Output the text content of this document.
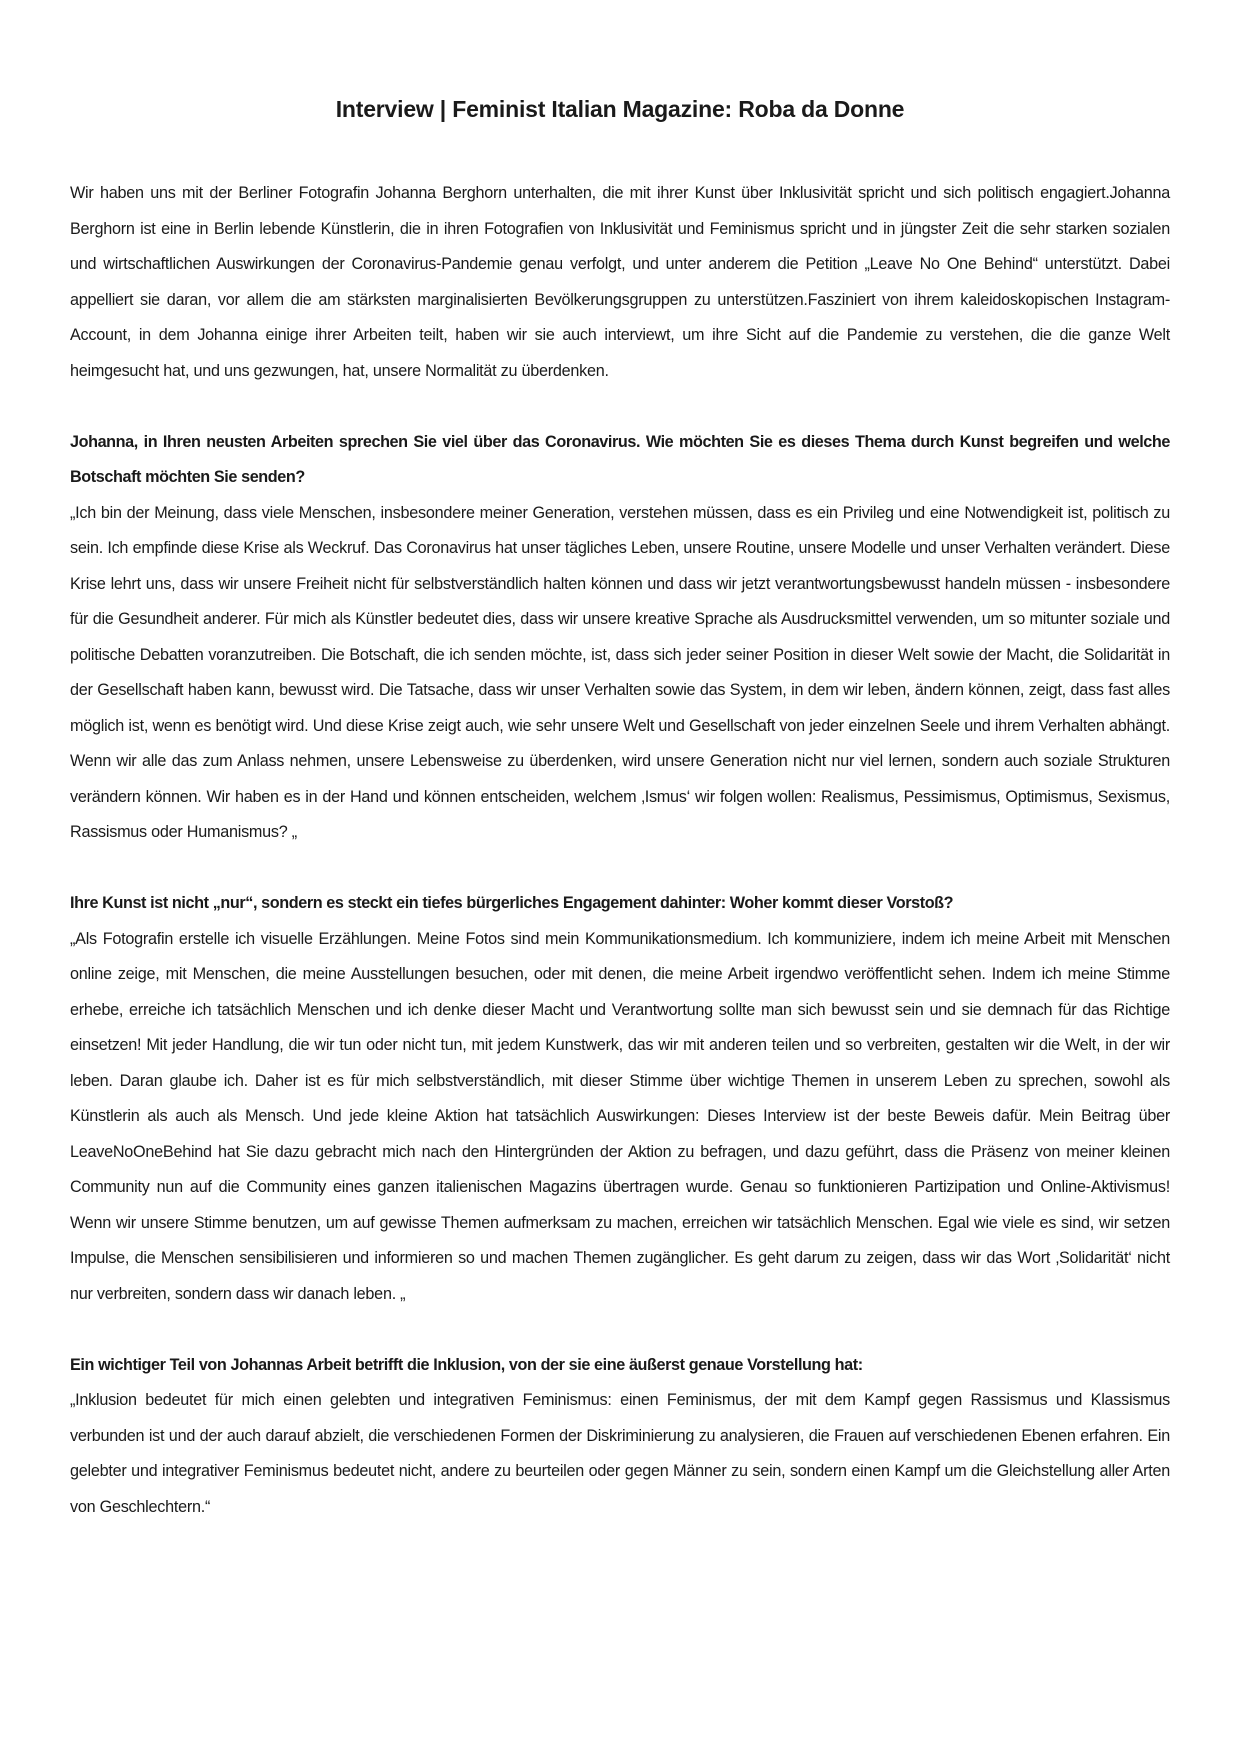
Interview | Feminist Italian Magazine: Roba da Donne

Wir haben uns mit der Berliner Fotografin Johanna Berghorn unterhalten, die mit ihrer Kunst über Inklusivität spricht und sich politisch engagiert.Johanna Berghorn ist eine in Berlin lebende Künstlerin, die in ihren Fotografien von Inklusivität und Feminismus spricht und in jüngster Zeit die sehr starken sozialen und wirtschaftlichen Auswirkungen der Coronavirus-Pandemie genau verfolgt, und unter anderem die Petition „Leave No One Behind“ unterstützt. Dabei appelliert sie daran, vor allem die am stärksten marginalisierten Bevölkerungsgruppen zu unterstützen.Fasziniert von ihrem kaleidoskopischen Instagram-Account, in dem Johanna einige ihrer Arbeiten teilt, haben wir sie auch interviewt, um ihre Sicht auf die Pandemie zu verstehen, die die ganze Welt heimgesucht hat, und uns gezwungen, hat, unsere Normalität zu überdenken.

Johanna, in Ihren neusten Arbeiten sprechen Sie viel über das Coronavirus. Wie möchten Sie es dieses Thema durch Kunst begreifen und welche Botschaft möchten Sie senden?

„Ich bin der Meinung, dass viele Menschen, insbesondere meiner Generation, verstehen müssen, dass es ein Privileg und eine Notwendigkeit ist, politisch zu sein. Ich empfinde diese Krise als Weckruf. Das Coronavirus hat unser tägliches Leben, unsere Routine, unsere Modelle und unser Verhalten verändert. Diese Krise lehrt uns, dass wir unsere Freiheit nicht für selbstverständlich halten können und dass wir jetzt verantwortungsbewusst handeln müssen - insbesondere für die Gesundheit anderer. Für mich als Künstler bedeutet dies, dass wir unsere kreative Sprache als Ausdrucksmittel verwenden, um so mitunter soziale und politische Debatten voranzutreiben. Die Botschaft, die ich senden möchte, ist, dass sich jeder seiner Position in dieser Welt sowie der Macht, die Solidarität in der Gesellschaft haben kann, bewusst wird. Die Tatsache, dass wir unser Verhalten sowie das System, in dem wir leben, ändern können, zeigt, dass fast alles möglich ist, wenn es benötigt wird. Und diese Krise zeigt auch, wie sehr unsere Welt und Gesellschaft von jeder einzelnen Seele und ihrem Verhalten abhängt. Wenn wir alle das zum Anlass nehmen, unsere Lebensweise zu überdenken, wird unsere Generation nicht nur viel lernen, sondern auch soziale Strukturen verändern können. Wir haben es in der Hand und können entscheiden, welchem ‚Ismus‘ wir folgen wollen: Realismus, Pessimismus, Optimismus, Sexismus, Rassismus oder Humanismus? „

Ihre Kunst ist nicht „nur“, sondern es steckt ein tiefes bürgerliches Engagement dahinter: Woher kommt dieser Vorstoß?

„Als Fotografin erstelle ich visuelle Erzählungen. Meine Fotos sind mein Kommunikationsmedium. Ich kommuniziere, indem ich meine Arbeit mit Menschen online zeige, mit Menschen, die meine Ausstellungen besuchen, oder mit denen, die meine Arbeit irgendwo veröffentlicht sehen. Indem ich meine Stimme erhebe, erreiche ich tatsächlich Menschen und ich denke dieser Macht und Verantwortung sollte man sich bewusst sein und sie demnach für das Richtige einsetzen! Mit jeder Handlung, die wir tun oder nicht tun, mit jedem Kunstwerk, das wir mit anderen teilen und so verbreiten, gestalten wir die Welt, in der wir leben. Daran glaube ich. Daher ist es für mich selbstverständlich, mit dieser Stimme über wichtige Themen in unserem Leben zu sprechen, sowohl als Künstlerin als auch als Mensch. Und jede kleine Aktion hat tatsächlich Auswirkungen: Dieses Interview ist der beste Beweis dafür. Mein Beitrag über LeaveNoOneBehind hat Sie dazu gebracht mich nach den Hintergründen der Aktion zu befragen, und dazu geführt, dass die Präsenz von meiner kleinen Community nun auf die Community eines ganzen italienischen Magazins übertragen wurde. Genau so funktionieren Partizipation und Online-Aktivismus! Wenn wir unsere Stimme benutzen, um auf gewisse Themen aufmerksam zu machen, erreichen wir tatsächlich Menschen. Egal wie viele es sind, wir setzen Impulse, die Menschen sensibilisieren und informieren so und machen Themen zugänglicher. Es geht darum zu zeigen, dass wir das Wort ‚Solidarität‘ nicht nur verbreiten, sondern dass wir danach leben. „

Ein wichtiger Teil von Johannas Arbeit betrifft die Inklusion, von der sie eine äußerst genaue Vorstellung hat:

„Inklusion bedeutet für mich einen gelebten und integrativen Feminismus: einen Feminismus, der mit dem Kampf gegen Rassismus und Klassismus verbunden ist und der auch darauf abzielt, die verschiedenen Formen der Diskriminierung zu analysieren, die Frauen auf verschiedenen Ebenen erfahren. Ein gelebter und integrativer Feminismus bedeutet nicht, andere zu beurteilen oder gegen Männer zu sein, sondern einen Kampf um die Gleichstellung aller Arten von Geschlechtern.“
